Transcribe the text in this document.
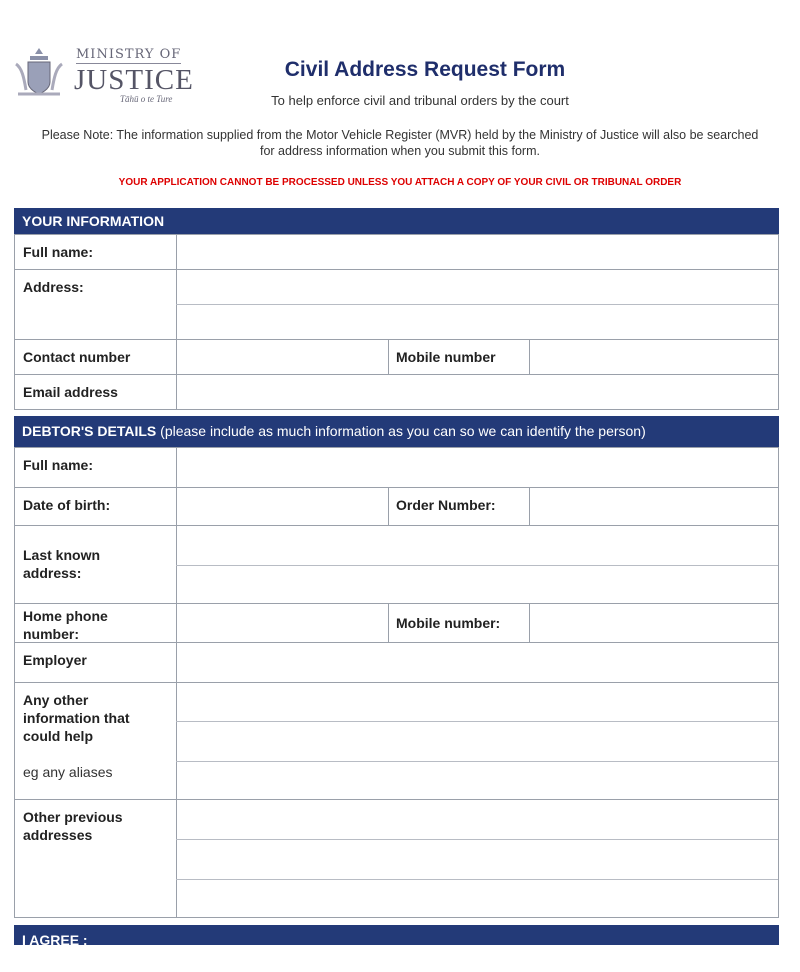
MINISTRY OF
JUSTICE
Tāhū o te Ture
Civil Address Request Form
To help enforce civil and tribunal orders by the court
Please Note: The information supplied from the Motor Vehicle Register (MVR) held by the Ministry of Justice will also be searched for address information when you submit this form.
YOUR APPLICATION CANNOT BE PROCESSED UNLESS YOU ATTACH A COPY OF YOUR CIVIL OR TRIBUNAL ORDER
YOUR INFORMATION
Full name:
Address:
Contact number	Mobile number
Email address
DEBTOR'S DETAILS (please include as much information as you can so we can identify the person)
Full name:
Date of birth:	Order Number:
Last known address:
Home phone number:
Mobile number:
Employer
Any other information that could help
eg any aliases
Other previous addresses
I AGREE :
